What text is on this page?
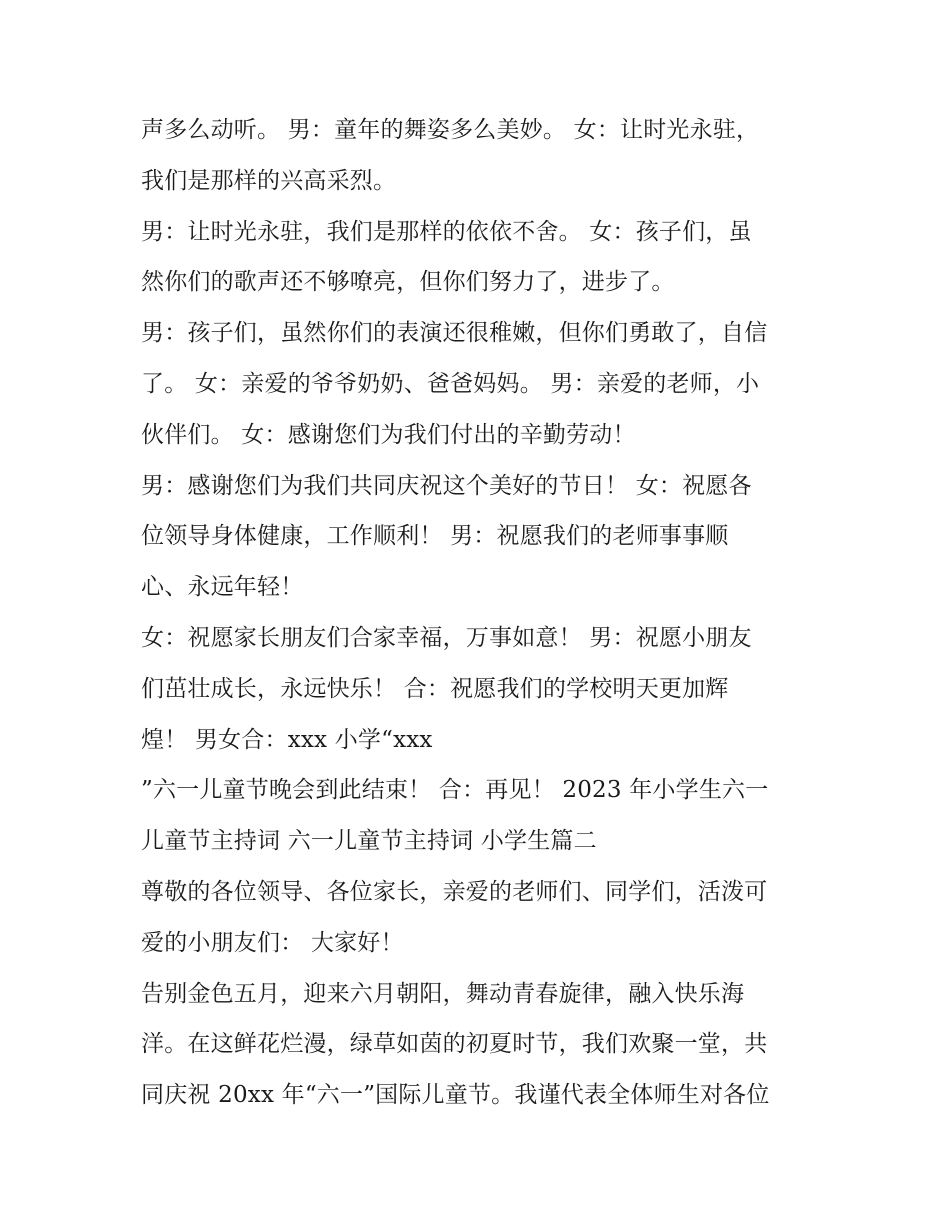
声多么动听。 男：童年的舞姿多么美妙。 女：让时光永驻，
我们是那样的兴高采烈。
男：让时光永驻，我们是那样的依依不舍。 女：孩子们，虽
然你们的歌声还不够嘹亮，但你们努力了，进步了。
男：孩子们，虽然你们的表演还很稚嫩，但你们勇敢了，自信
了。 女：亲爱的爷爷奶奶、爸爸妈妈。 男：亲爱的老师，小
伙伴们。 女：感谢您们为我们付出的辛勤劳动！
男：感谢您们为我们共同庆祝这个美好的节日！ 女：祝愿各
位领导身体健康，工作顺利！ 男：祝愿我们的老师事事顺
心、永远年轻！
女：祝愿家长朋友们合家幸福，万事如意！ 男：祝愿小朋友
们茁壮成长，永远快乐！ 合：祝愿我们的学校明天更加辉
煌！ 男女合：xxx 小学“xxx
”六一儿童节晚会到此结束！ 合：再见！ 2023 年小学生六一
儿童节主持词 六一儿童节主持词 小学生篇二
尊敬的各位领导、各位家长，亲爱的老师们、同学们，活泼可
爱的小朋友们： 大家好！
告别金色五月，迎来六月朝阳，舞动青春旋律，融入快乐海
洋。在这鲜花烂漫，绿草如茵的初夏时节，我们欢聚一堂，共
同庆祝 20xx 年“六一”国际儿童节。我谨代表全体师生对各位
